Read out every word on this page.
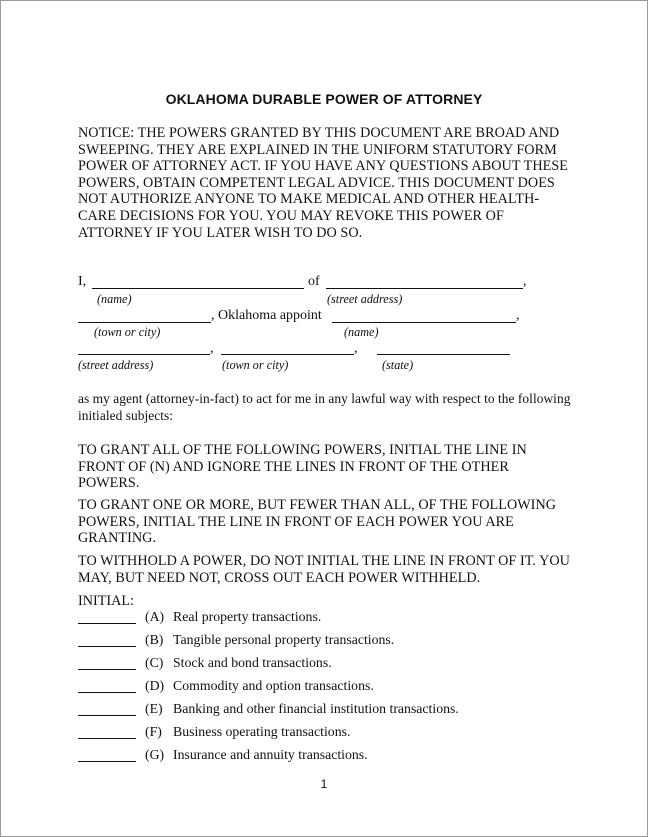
OKLAHOMA DURABLE POWER OF ATTORNEY
NOTICE: THE POWERS GRANTED BY THIS DOCUMENT ARE BROAD AND SWEEPING. THEY ARE EXPLAINED IN THE UNIFORM STATUTORY FORM POWER OF ATTORNEY ACT. IF YOU HAVE ANY QUESTIONS ABOUT THESE POWERS, OBTAIN COMPETENT LEGAL ADVICE. THIS DOCUMENT DOES NOT AUTHORIZE ANYONE TO MAKE MEDICAL AND OTHER HEALTH-CARE DECISIONS FOR YOU. YOU MAY REVOKE THIS POWER OF ATTORNEY IF YOU LATER WISH TO DO SO.
I,	of	,
(name)	(street address)
, Oklahoma appoint	,
(town or city)	(name)
,	,
(street address)	(town or city)	(state)
as my agent (attorney-in-fact) to act for me in any lawful way with respect to the following initialed subjects:
TO GRANT ALL OF THE FOLLOWING POWERS, INITIAL THE LINE IN FRONT OF (N) AND IGNORE THE LINES IN FRONT OF THE OTHER POWERS.
TO GRANT ONE OR MORE, BUT FEWER THAN ALL, OF THE FOLLOWING POWERS, INITIAL THE LINE IN FRONT OF EACH POWER YOU ARE GRANTING.
TO WITHHOLD A POWER, DO NOT INITIAL THE LINE IN FRONT OF IT. YOU MAY, BUT NEED NOT, CROSS OUT EACH POWER WITHHELD.
INITIAL:
(A) Real property transactions.
(B) Tangible personal property transactions.
(C) Stock and bond transactions.
(D) Commodity and option transactions.
(E) Banking and other financial institution transactions.
(F) Business operating transactions.
(G) Insurance and annuity transactions.
1
